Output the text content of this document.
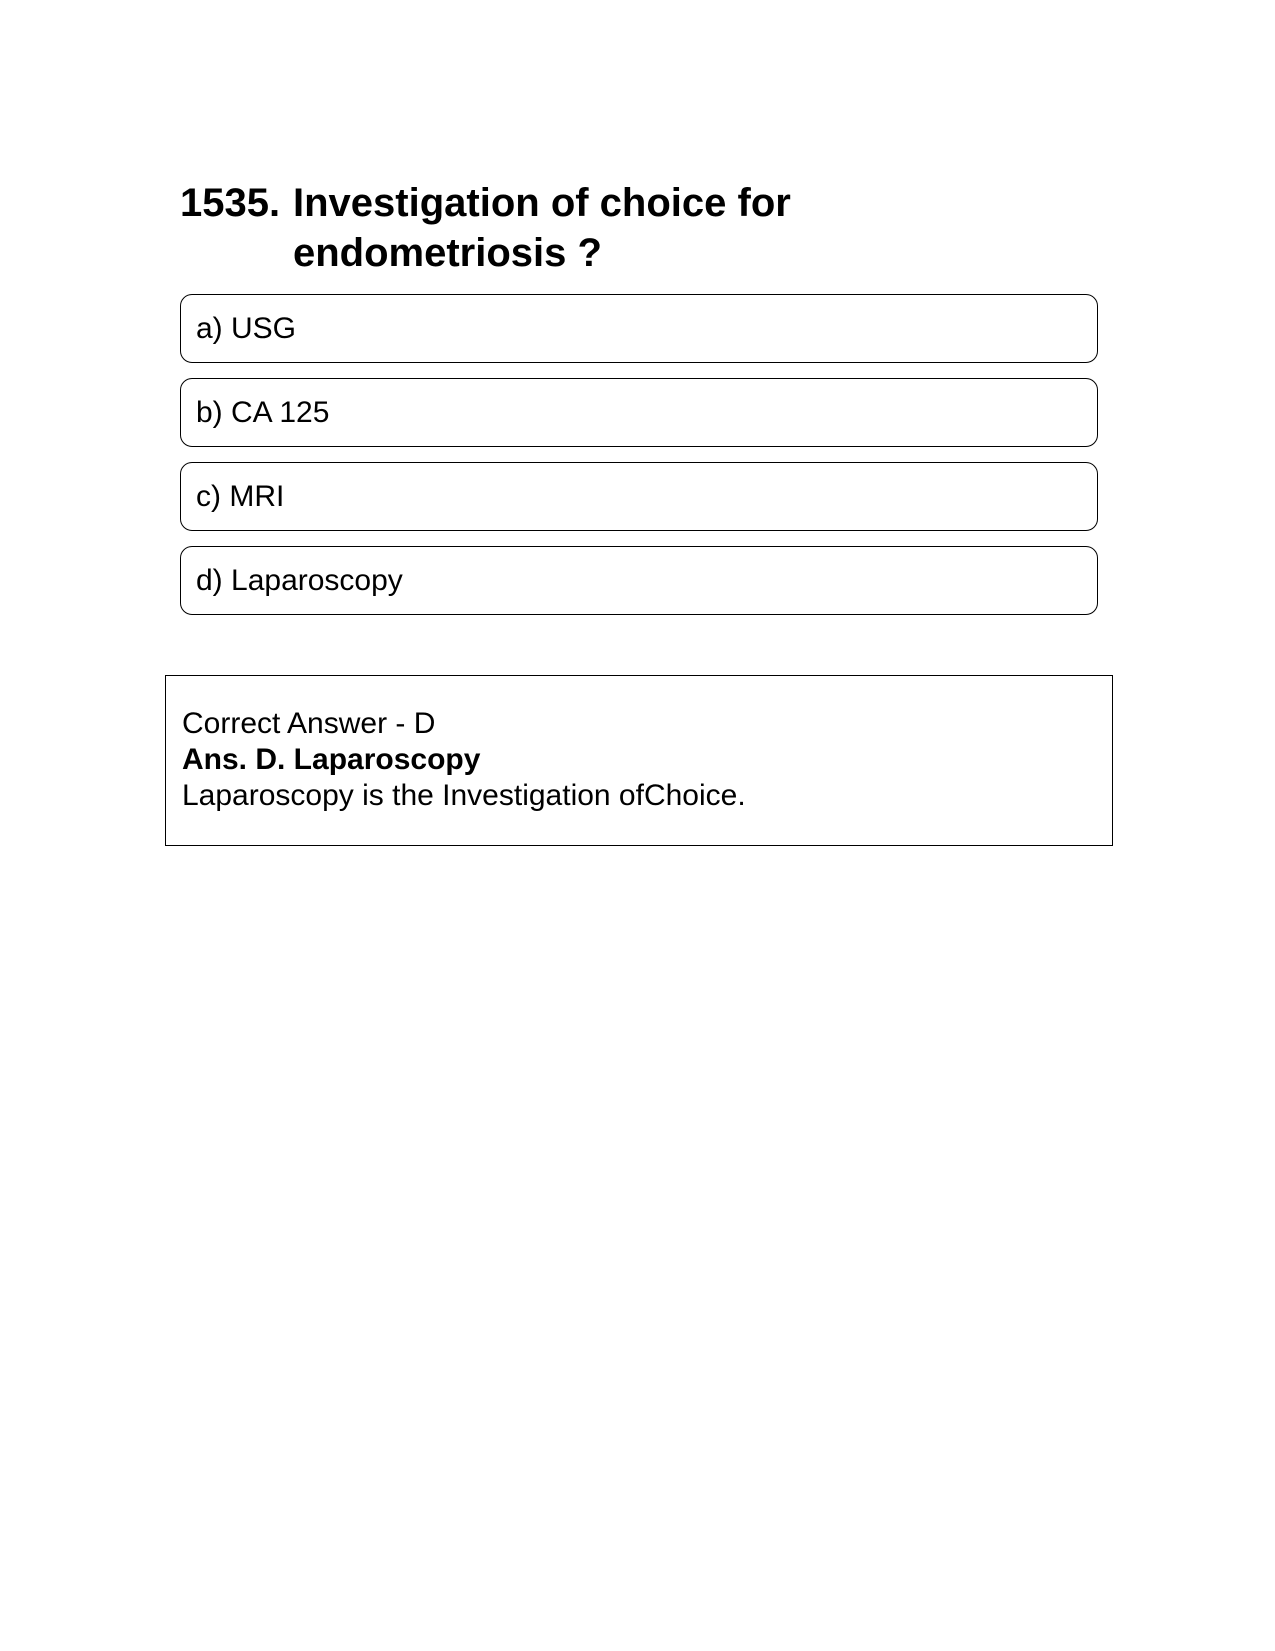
1535. Investigation of choice for
endometriosis ?
a) USG
b) CA 125
c) MRI
d) Laparoscopy
Correct Answer - D
Ans. D. Laparoscopy
Laparoscopy is the Investigation ofChoice.
